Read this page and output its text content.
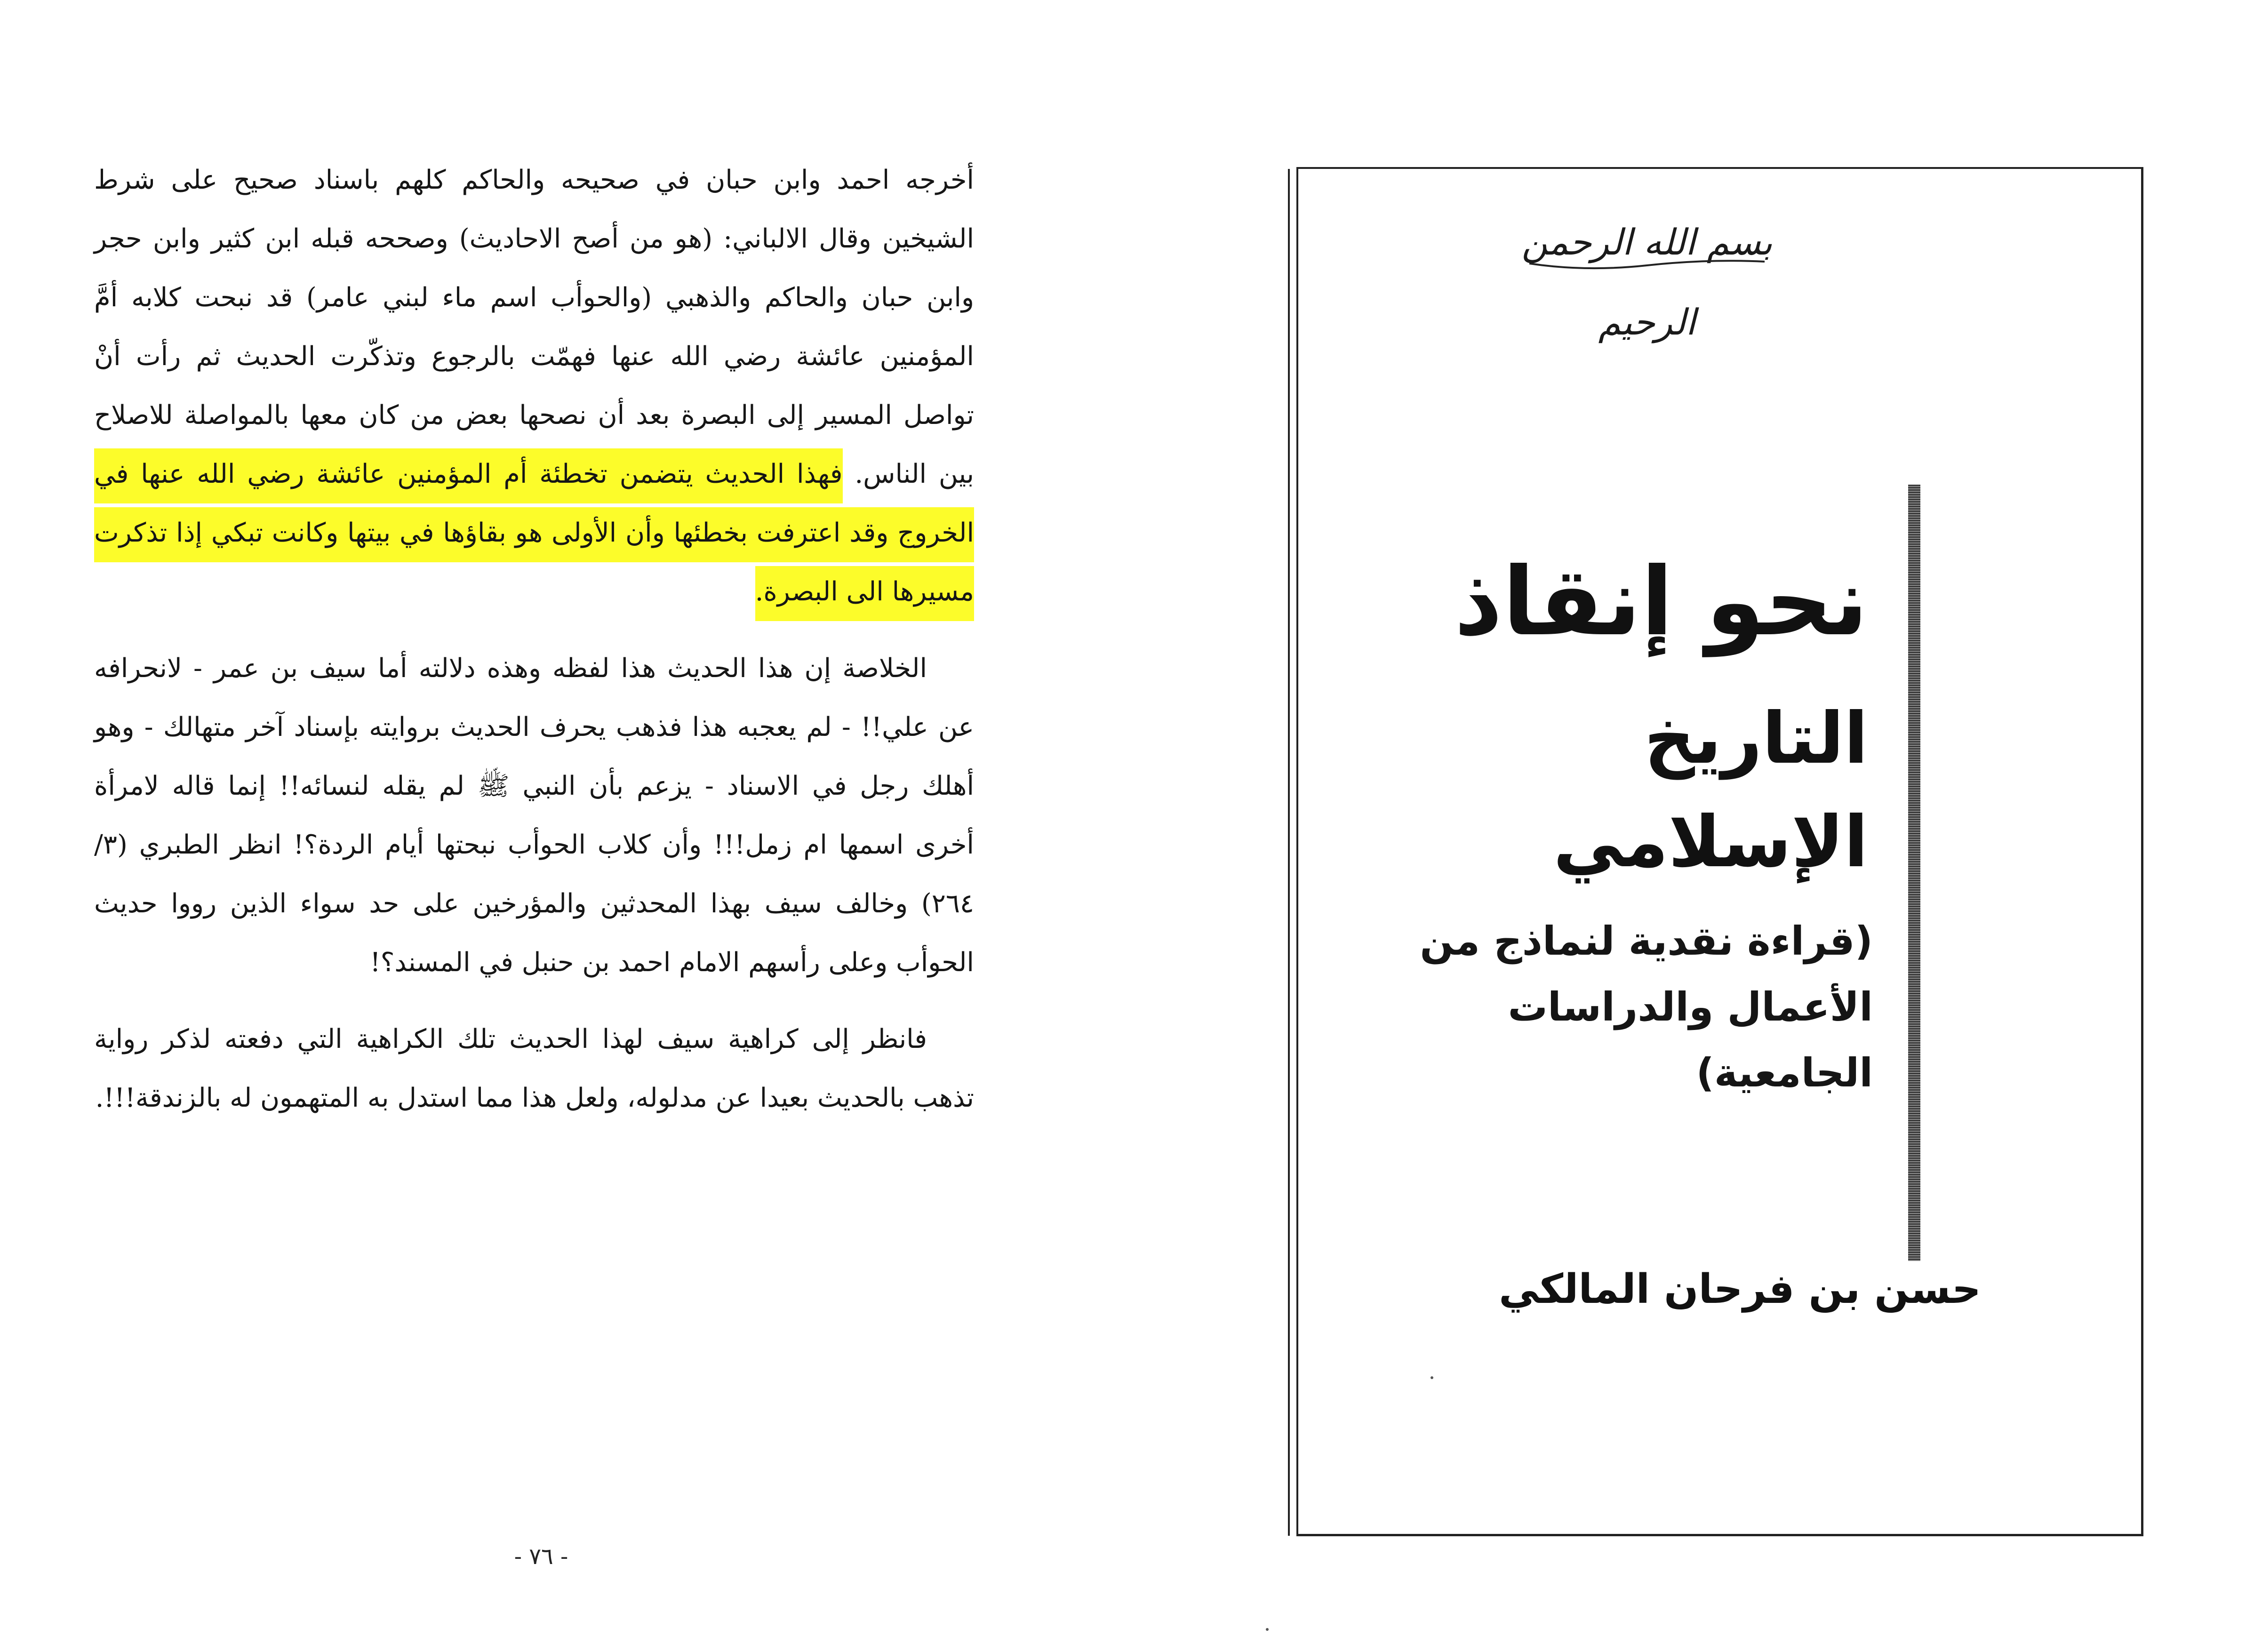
أخرجه احمد وابن حبان في صحيحه والحاكم كلهم باسناد صحيح على شرط الشيخين وقال الالباني: (هو من أصح الاحاديث) وصححه قبله ابن كثير وابن حجر وابن حبان والحاكم والذهبي (والحوأب اسم ماء لبني عامر) قد نبحت كلابه أمَّ المؤمنين عائشة رضي الله عنها فهمّت بالرجوع وتذكّرت الحديث ثم رأت أنْ تواصل المسير إلى البصرة بعد أن نصحها بعض من كان معها بالمواصلة للاصلاح بين الناس. فهذا الحديث يتضمن تخطئة أم المؤمنين عائشة رضي الله عنها في الخروج وقد اعترفت بخطئها وأن الأولى هو بقاؤها في بيتها وكانت تبكي إذا تذكرت مسيرها الى البصرة.

الخلاصة إن هذا الحديث هذا لفظه وهذه دلالته أما سيف بن عمر - لانحرافه عن علي!! - لم يعجبه هذا فذهب يحرف الحديث بروايته بإسناد آخر متهالك - وهو أهلك رجل في الاسناد - يزعم بأن النبي ﷺ لم يقله لنسائه!! إنما قاله لامرأة أخرى اسمها ام زمل!!! وأن كلاب الحوأب نبحتها أيام الردة؟! انظر الطبري (٣/ ٢٦٤) وخالف سيف بهذا المحدثين والمؤرخين على حد سواء الذين رووا حديث الحوأب وعلى رأسهم الامام احمد بن حنبل في المسند؟!

فانظر إلى كراهية سيف لهذا الحديث تلك الكراهية التي دفعته لذكر رواية تذهب بالحديث بعيدا عن مدلوله، ولعل هذا مما استدل به المتهمون له بالزندقة!!!.

- ٧٦ -
بسم الله الرحمن الرحيم
نحو إنقاذ
التاريخ الإسلامي
(قراءة نقدية لنماذج من
الأعمال والدراسات الجامعية)
حسن بن فرحان المالكي
